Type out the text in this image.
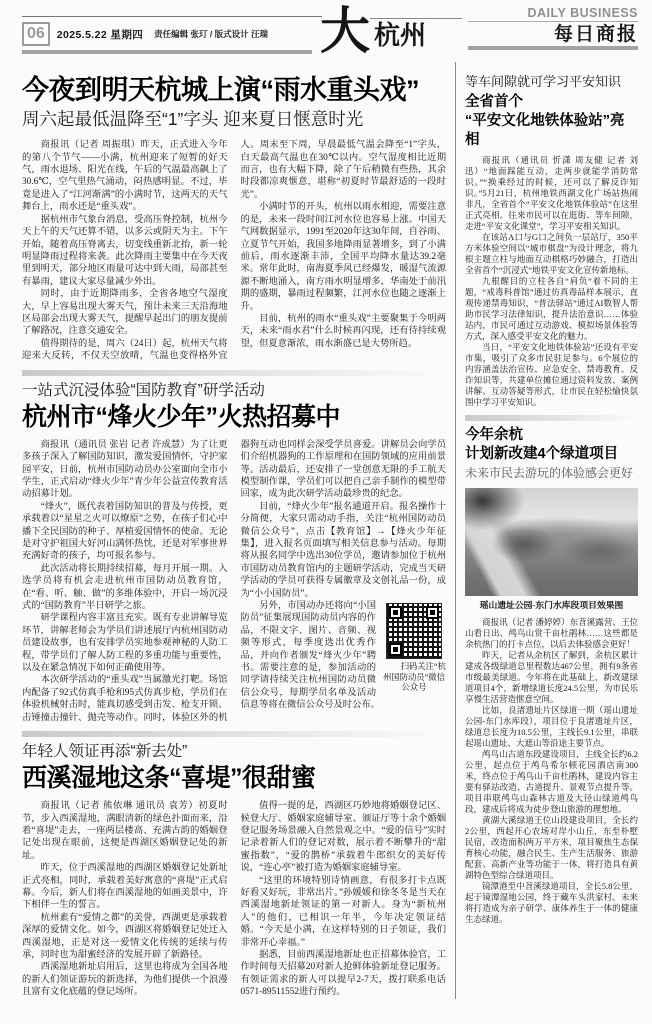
06	2025.5.22 星期四 责任编辑 张玎 / 版式设计 汪瑞 大 杭州
DAILY BUSINESS
每日商报
今夜到明天杭城上演“雨水重头戏”
周六起最低温降至“1”字头 迎来夏日惬意时光

商报讯（记者 周振琪）昨天，正式进入今年的第八个节气——小满，杭州迎来了短暂的好天气，雨水退场、阳光在线，午后的气温最高飙上了30.6℃，空气里热气涌动，闷热感明显。不过，毕竟是进入了“江河渐满”的小满时节，这两天的天气舞台上，雨水还是“重头戏”。

据杭州市气象台消息，受高压脊控制，杭州今天上午的天气还算不错，以多云或阴天为主。下午开始，随着高压脊离去，切变线重新北抬，新一轮明显降雨过程将来袭。此次降雨主要集中在今天夜里到明天，部分地区雨量可达中到大雨，局部甚至有暴雨，建议大家尽量减少外出。

同时，由于近期降雨多，全省各地空气湿度大，早上容易出现大雾天气，预计未来三天沿海地区局部会出现大雾天气，提醒早起出门的朋友提前了解路况，注意交通安全。

值得期待的是，周六（24日）起，杭州天气将迎来大反转，不仅天空放晴，气温也变得格外宜人。周末至下周，早晨最低气温会降至“1”字头，白天最高气温也在30℃以内。空气湿度相比近期而言，也有大幅下降，除了午后稍微有些热，其余时段都凉爽惬意，堪称“初夏时节最舒适的一段时光”。

小满时节的开头，杭州以雨水相迎，需要注意的是，未来一段时间江河水位也容易上涨。中国天气网数据显示，1991至2020年这30年间，自谷雨、立夏节气开始，我国多地降雨显著增多，到了小满前后，雨水逐渐丰沛，全国平均降水量达39.2毫米。常年此时，南海夏季风已经爆发，暖湿气流源源不断地涌入，南方雨水明显增多，华南处于前汛期的盛期，暴雨过程频繁，江河水位也随之逐渐上升。

目前，杭州的雨水“重头戏”主要聚集于今明两天，未来“雨水君”什么时候再闪现，还有待持续观望，但夏意渐浓，雨水渐盛已是大势所趋。

一站式沉浸体验“国防教育”研学活动
杭州市“烽火少年”火热招募中

商报讯（通讯员 张岩 记者 许成慧）为了让更多孩子深入了解国防知识，激发爱国情怀，守护家园平安，日前，杭州市国防动员办公室面向全市小学生，正式启动“烽火少年”青少年公益宣传教育活动招募计划。

“烽火”，既代表着国防知识的普及与传授，更承载着以“星星之火可以燎原”之势，在孩子们心中播下全民国防的种子、厚植爱国情怀的使命。无论是对守护祖国大好河山满怀热忱，还是对军事世界充满好奇的孩子，均可报名参与。

此次活动将长期持续招募，每月开展一期。入选学员将有机会走进杭州市国防动员教育馆，在“看、听、触、做”的多维体验中，开启一场沉浸式的“国防教育”半日研学之旅。

研学课程内容丰富且充实。既有专业讲解导览环节，讲解老师会为学员们讲述展厅内杭州国防动员建设故事，也有安排学员实地参观神秘的人防工程，带学员们了解人防工程的多重功能与重要性，以及在紧急情况下如何正确使用等。

本次研学活动的“重头戏”当属激光打靶。场馆内配备了92式仿真手枪和95式仿真步枪，学员们在体验机械射击时，能真切感受到击发、枪支开锁、击锤撞击撞针、抛壳等动作。同时，体验区外的机器狗互动也同样会深受学员喜爱。讲解员会向学员们介绍机器狗的工作原理和在国防领域的应用前景等。活动最后，还安排了一堂创意无限的手工航天模型制作课，学员们可以把自己亲手制作的模型带回家，成为此次研学活动最珍贵的纪念。

目前，“烽火少年”报名通道开启。报名操作十分简便，大家只需动动手指，关注“杭州国防动员微信公众号”，点击【教育馆】→【烽火少年征集】，进入报名页面填写相关信息参与活动。每期将从报名同学中选出30位学员，邀请参加位于杭州市国防动员教育馆内的主题研学活动，完成当天研学活动的学员可获得专属徽章及文创礼品一份，成为“小小国防员”。

扫码关注“杭州国防动员”微信公众号
另外，市国动办还将向“小国防员”征集展现国防动员内容的作品，不限文字、图片、音频、视频等形式，每季度选出优秀作品，并向作者颁发“烽火少年”聘书。需要注意的是，参加活动的同学请持续关注杭州国防动员微信公众号，每期学员名单及活动信息等将在微信公众号及时公布。

年轻人领证再添“新去处”
西溪湿地这条“喜堤”很甜蜜

商报讯（记者 熊依琳 通讯员 袁芳）初夏时节，步入西溪湿地，满眼清新的绿色扑面而来，沿着“喜堤”走去，一座两层楼高、充满古韵的婚姻登记处出现在眼前，这便是西湖区婚姻登记处的新址。

昨天，位于西溪湿地的西湖区婚姻登记处新址正式亮相，同时，承载着美好寓意的“喜堤”正式启幕。今后，新人们将在西溪湿地的如画美景中，许下相伴一生的誓言。

杭州素有“爱情之都”的美誉，西湖更是承载着深厚的爱情文化。如今，西湖区将婚姻登记处迁入西溪湿地，正是对这一爱情文化传统的延续与传承，同时也为甜蜜经济的发展开辟了新路径。

西溪湿地新址启用后，这里也将成为全国各地的新人们领证游玩的新选择，为他们提供一个浪漫且富有文化底蕴的登记场所。

值得一提的是，西湖区巧妙地将婚姻登记区、候登大厅、婚姻家庭辅导室、颁证厅等十余个婚姻登记服务场景融入自然景观之中。“爱的信号”实时记录着新人们的登记对数，展示着不断攀升的“甜蜜指数”，“爱的鹊桥”承载着牛郎织女的美好传说，“连心亭”被打造为婚姻家庭辅导室。

“这里的环境特别诗情画意，有很多打卡点既好看又好玩，非常出片。”孙媛媛和徐冬冬是当天在西溪湿地新址领证的第一对新人。身为“新杭州人”的他们，已相识一年半，今年决定领证结婚。“今天是小满，在这样特别的日子领证，我们非常开心幸福。”

据悉，目前西溪湿地新址也正招募体验官，工作时间每天招募20对新人抢鲜体验新址登记服务。有领证需求的新人可以提早2-7天，拨打联系电话0571-89511552进行预约。

等车间隙就可学习平安知识
全省首个
“平安文化地铁体验站”亮相

商报讯（通讯员 忻潇 周友健 记者 刘迅）“地面踩能互动，走两步就能学消防常识。”“换乘经过的时候，还可以了解反诈知识。”5月21日，杭州地铁西湖文化广场站热闹非凡，全省首个“平安文化地铁体验站”在这里正式亮相。往来市民可以在逛街、等车间隙，走进“平安文化课堂”，学习平安相关知识。

在该站A口与G口之间负一层站厅，350平方米体验空间以“城市棋盘”为设计理念，将九根主题立柱与地面互动棋格巧妙融合，打造出全省首个“沉浸式”地铁平安文化宣传新地标。

九根醒目的立柱各自“肩负”着不同的主题，“戒毒科普馆”通过仿真毒品样本展示，直观传递禁毒知识，“普法驿站”通过AI数智人帮助市民学习法律知识，提升法治意识……体验站内，市民可通过互动游戏、模拟场景体验等方式，深入感受平安文化的魅力。

当日，“平安文化地铁体验站”还设有平安市集，吸引了众多市民驻足参与。6个展位的内容涵盖法治宣传、应急安全、禁毒教育、反诈知识等，共建单位摊位通过资料发放、案例讲解、互动答疑等形式，让市民在轻松愉快氛围中学习平安知识。

今年余杭
计划新改建4个绿道项目
未来市民去游玩的体验感会更好
瑶山遗址公园-东门水库段项目效果图

商报讯（记者 潘婷婷）东苕溪露营、王位山看日出、鸬鸟山赏千亩杜鹃林……这些都是余杭热门的打卡点位，以后去体验感会更好！

昨天，记者从余杭区了解到，余杭区累计建成各级绿道总里程数达467公里，拥有9条省市级最美绿道。今年将在此基础上，新改建绿道项目4个，新增绿道长度24.5公里，为市民乐享慢生活营造惬意空间。

比如，良渚遗址片区绿道一期（瑶山遗址公园-东门水库段），项目位于良渚遗址片区，绿道总长度为10.5公里，主线长9.1公里，串联起瑶山遗址、大遮山等沿途主要节点。

鸬鸟山古道东段建设项目，主线全长约6.2公里，起点位于鸬鸟希尔顿花园酒店南300米，终点位于鸬鸟山千亩杜鹃林，建设内容主要有驿站改造、古道提升、景观节点提升等。项目串联鸬鸟山森林古道及大径山绿道鸬鸟段，建成后将成为徒步登山旅游的理想地。

黄湖大溪绿道王位山段建设项目，全长约2公里，西起开心农场对岸小山丘，东至朴墅民宿，改造面积两万平方米，项目聚焦生态保育核心功能，融合民生、生产生活服务、旅游配套、高新产业等功能于一体，将打造具有黄湖特色型综合绿道项目。

镜潭港至中苕溪绿道项目，全长5.8公里，起于镜潭湿地公园，终于藏车头洪家村。未来将打造成为亲子研学、康体养生于一体的健康生态绿道。
